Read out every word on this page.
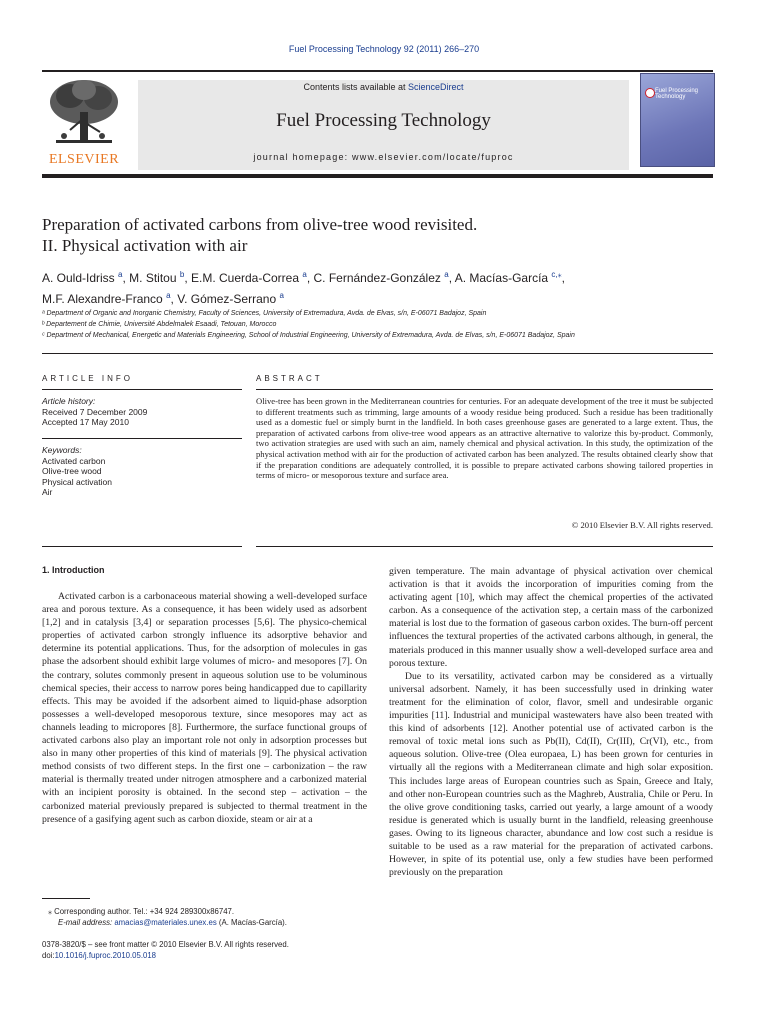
Fuel Processing Technology 92 (2011) 266–270
ELSEVIER
Contents lists available at ScienceDirect
Fuel Processing Technology
journal homepage: www.elsevier.com/locate/fuproc
Fuel Processing Technology
Preparation of activated carbons from olive-tree wood revisited.
II. Physical activation with air
A. Ould-Idriss $^a$, M. Stitou $^b$, E.M. Cuerda-Correa $^a$, C. Fernández-González $^a$, A. Macías-García $^{c,⁎}$,
M.F. Alexandre-Franco $^a$, V. Gómez-Serrano $^a$
ᵃ Department of Organic and Inorganic Chemistry, Faculty of Sciences, University of Extremadura, Avda. de Elvas, s/n, E-06071 Badajoz, Spain
ᵇ Departement de Chimie, Université Abdelmalek Esaadi, Tetouan, Morocco
ᶜ Department of Mechanical, Energetic and Materials Engineering, School of Industrial Engineering, University of Extremadura, Avda. de Elvas, s/n, E-06071 Badajoz, Spain
ARTICLE INFO
Article history:
Received 7 December 2009
Accepted 17 May 2010
Keywords:
Activated carbon
Olive-tree wood
Physical activation
Air
ABSTRACT
Olive-tree has been grown in the Mediterranean countries for centuries. For an adequate development of the tree it must be subjected to different treatments such as trimming, large amounts of a woody residue being produced. Such a residue has been traditionally used as a domestic fuel or simply burnt in the landfield. In both cases greenhouse gases are generated to a large extent. Thus, the preparation of activated carbons from olive-tree wood appears as an attractive alternative to valorize this by-product. Commonly, two activation strategies are used with such an aim, namely chemical and physical activation. In this study, the optimization of the physical activation method with air for the production of activated carbon has been analyzed. The results obtained clearly show that if the preparation conditions are adequately controlled, it is possible to prepare activated carbons showing tailored properties in terms of micro- or mesoporous texture and surface area.
© 2010 Elsevier B.V. All rights reserved.
1. Introduction

Activated carbon is a carbonaceous material showing a well-developed surface area and porous texture. As a consequence, it has been widely used as adsorbent [1,2] and in catalysis [3,4] or separation processes [5,6]. The physico-chemical properties of activated carbon strongly influence its adsorptive behavior and determine its potential applications. Thus, for the adsorption of molecules in gas phase the adsorbent should exhibit large volumes of micro- and mesopores [7]. On the contrary, solutes commonly present in aqueous solution use to be voluminous chemical species, their access to narrow pores being handicapped due to capillarity effects. This may be avoided if the adsorbent aimed to liquid-phase adsorption possesses a well-developed mesoporous texture, since mesopores may act as channels leading to micropores [8]. Furthermore, the surface functional groups of activated carbons also play an important role not only in adsorption processes but also in many other properties of this kind of materials [9]. The physical activation method consists of two different steps. In the first one – carbonization – the raw material is thermally treated under nitrogen atmosphere and a carbonized material with an incipient porosity is obtained. In the second step – activation – the carbonized material previously prepared is subjected to thermal treatment in the presence of a gasifying agent such as carbon dioxide, steam or air at a

given temperature. The main advantage of physical activation over chemical activation is that it avoids the incorporation of impurities coming from the activating agent [10], which may affect the chemical properties of the activated carbon. As a consequence of the activation step, a certain mass of the carbonized material is lost due to the formation of gaseous carbon oxides. The burn-off percent influences the textural properties of the activated carbons although, in general, the materials produced in this manner usually show a well-developed surface area and porous texture.

Due to its versatility, activated carbon may be considered as a virtually universal adsorbent. Namely, it has been successfully used in drinking water treatment for the elimination of color, flavor, smell and undesirable organic impurities [11]. Industrial and municipal wastewaters have also been treated with this kind of adsorbents [12]. Another potential use of activated carbon is the removal of toxic metal ions such as Pb(II), Cd(II), Cr(III), Cr(VI), etc., from aqueous solution. Olive-tree (Olea europaea, L) has been grown for centuries in virtually all the regions with a Mediterranean climate and high solar exposition. This includes large areas of European countries such as Spain, Greece and Italy, and other non-European countries such as the Maghreb, Australia, Chile or Peru. In the olive grove conditioning tasks, carried out yearly, a large amount of a woody residue is generated which is usually burnt in the landfield, releasing greenhouse gases. Owing to its ligneous character, abundance and low cost such a residue is suitable to be used as a raw material for the preparation of activated carbons. However, in spite of its potential use, only a few studies have been performed previously on the preparation

⁎ Corresponding author. Tel.: +34 924 289300x86747.
E-mail address: amacias@materiales.unex.es (A. Macías-García).
0378-3820/$ – see front matter © 2010 Elsevier B.V. All rights reserved.
doi:10.1016/j.fuproc.2010.05.018
